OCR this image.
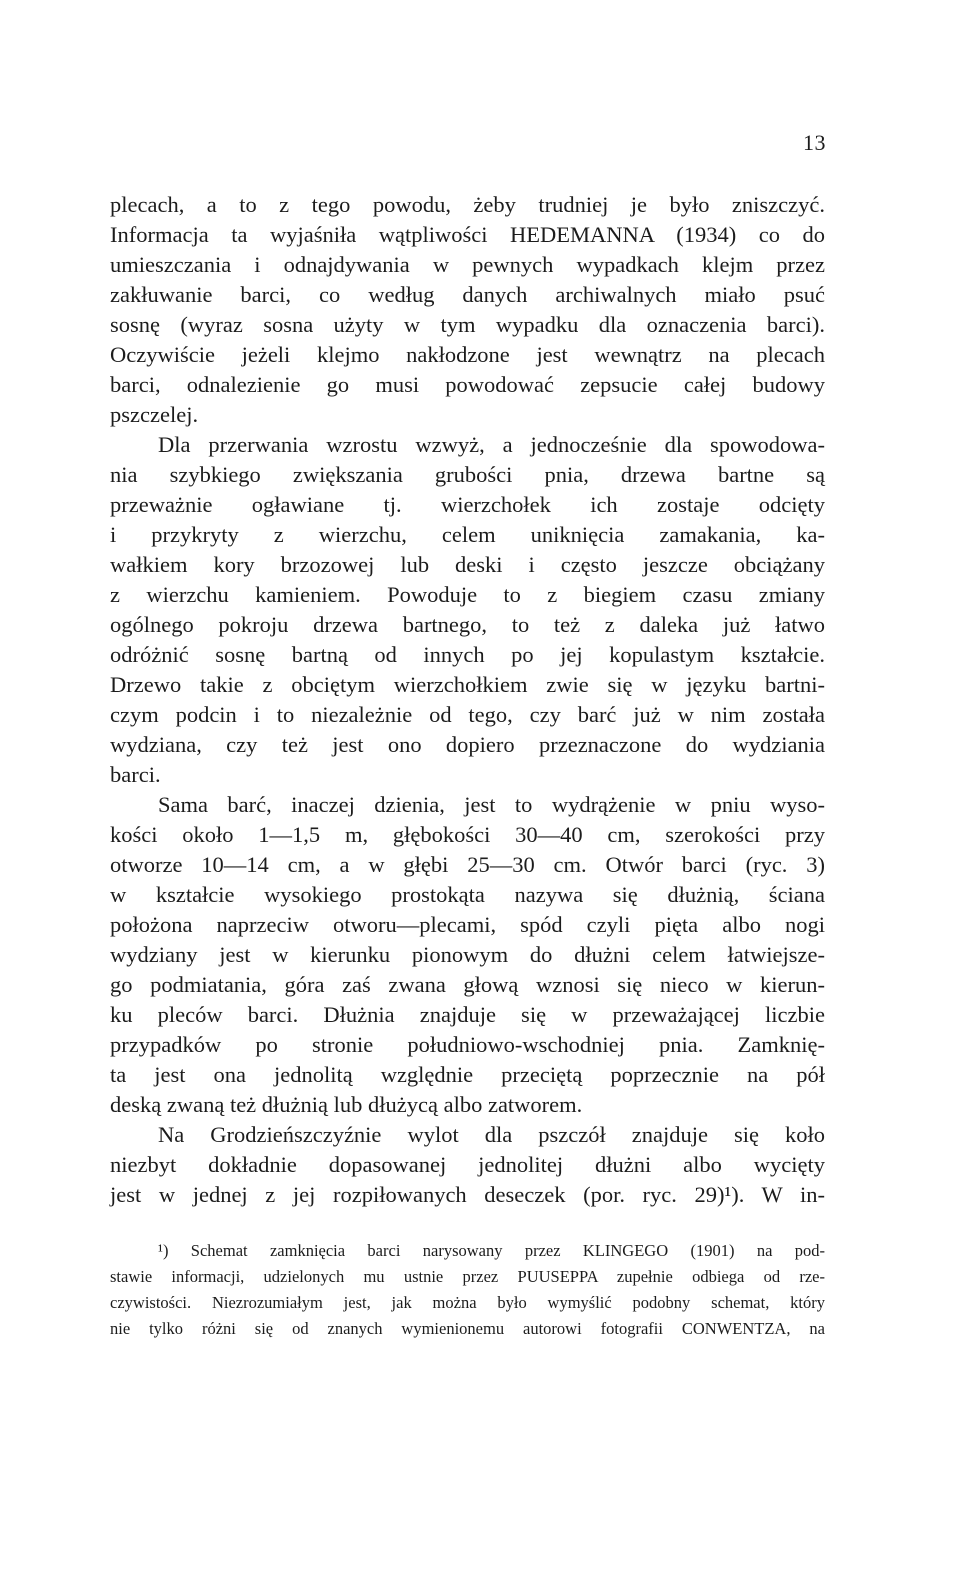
13
plecach, a to z tego powodu, żeby trudniej je było zniszczyć.
Informacja ta wyjaśniła wątpliwości HEDEMANNA (1934) co do
umieszczania i odnajdywania w pewnych wypadkach klejm przez
zakłuwanie barci, co według danych archiwalnych miało psuć
sosnę (wyraz sosna użyty w tym wypadku dla oznaczenia barci).
Oczywiście jeżeli klejmo nakłodzone jest wewnątrz na plecach
barci, odnalezienie go musi powodować zepsucie całej budowy
pszczelej.
Dla przerwania wzrostu wzwyż, a jednocześnie dla spowodowa-
nia szybkiego zwiększania grubości pnia, drzewa bartne są
przeważnie ogławiane tj. wierzchołek ich zostaje odcięty
i przykryty z wierzchu, celem uniknięcia zamakania, ka-
wałkiem kory brzozowej lub deski i często jeszcze obciążany
z wierzchu kamieniem. Powoduje to z biegiem czasu zmiany
ogólnego pokroju drzewa bartnego, to też z daleka już łatwo
odróżnić sosnę bartną od innych po jej kopulastym kształcie.
Drzewo takie z obciętym wierzchołkiem zwie się w języku bartni-
czym podcin i to niezależnie od tego, czy barć już w nim została
wydziana, czy też jest ono dopiero przeznaczone do wydziania
barci.
Sama barć, inaczej dzienia, jest to wydrążenie w pniu wyso-
kości około 1—1,5 m, głębokości 30—40 cm, szerokości przy
otworze 10—14 cm, a w głębi 25—30 cm. Otwór barci (ryc. 3)
w kształcie wysokiego prostokąta nazywa się dłużnią, ściana
położona naprzeciw otworu—plecami, spód czyli pięta albo nogi
wydziany jest w kierunku pionowym do dłużni celem łatwiejsze-
go podmiatania, góra zaś zwana głową wznosi się nieco w kierun-
ku pleców barci. Dłużnia znajduje się w przeważającej liczbie
przypadków po stronie południowo-wschodniej pnia. Zamknię-
ta jest ona jednolitą względnie przeciętą poprzecznie na pół
deską zwaną też dłużnią lub dłużycą albo zatworem.
Na Grodzieńszczyźnie wylot dla pszczół znajduje się koło
niezbyt dokładnie dopasowanej jednolitej dłużni albo wycięty
jest w jednej z jej rozpiłowanych deseczek (por. ryc. 29)¹). W in-
¹) Schemat zamknięcia barci narysowany przez KLINGEGO (1901) na pod-
stawie informacji, udzielonych mu ustnie przez PUUSEPPA zupełnie odbiega od rze-
czywistości. Niezrozumiałym jest, jak można było wymyślić podobny schemat, który
nie tylko różni się od znanych wymienionemu autorowi fotografii CONWENTZA, na
